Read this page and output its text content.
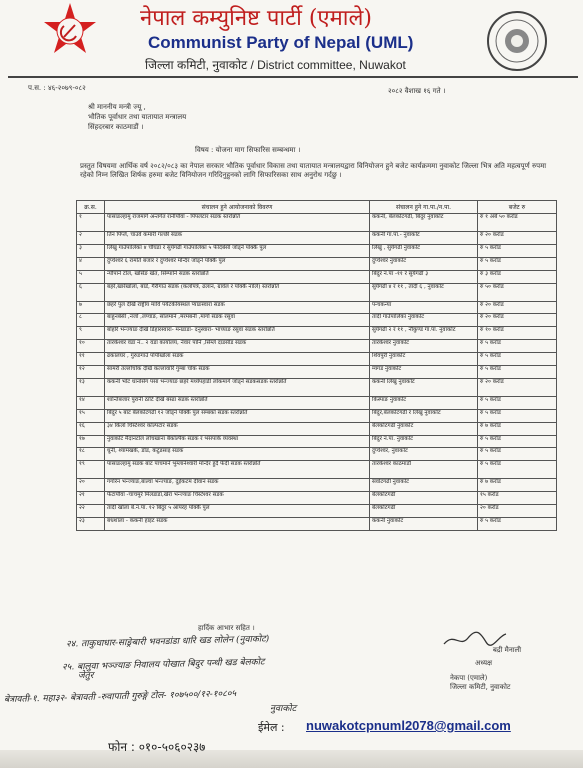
नेपाल कम्युनिष्ट पार्टी (एमाले)
Communist Party of Nepal (UML)
जिल्ला कमिटी, नुवाकोट / District committee, Nuwakot
प.स. : ४६-२०७९-०८२	२०८२ वैशाख १६ गते ।
श्री माननीय मन्त्री ज्यू ,
भौतिक पूर्वाधार तथा यातायात मन्त्रालय
सिंहदरबार काठमाडौं ।
विषय : योजना माग सिफारिस सम्बन्धमा ।
प्रस्तुत विषयमा आर्थिक वर्ष २०८२/०८३ का नेपाल सरकार भौतिक पूर्वाधार विकास तथा यातायात मन्त्रालयद्वारा विनियोजन हुने बजेट कार्यक्रममा नुवाकोट जिल्ला भित्र अति महत्वपूर्ण रुपमा रहेको निम्न लिखित शिर्षक हरुमा बजेट विनियोजन गरिदिनुहुनको लागि सिफारिसका साथ अनुरोध गर्दछु ।
क्र.स.	संचालन हुने आयोजनाको विवरण	संचालन हुने गा.पा./न.पा.	बजेट रु
१	पासाङल्हामु राजमार्ग अन्तर्गत रानीपौवा - पिपलटार सडक स्तरोन्नति	ककनी, बेलकोटगढी, बिदुर नुवाकोट	रु १ अर्ब ५० करोड
२	तिन पिप्ले, चाउवे कमारी गल्छी सडक	ककनी गा.पा.- नुवाकोट	रु २० करोड
३	लिखु गाउँपालिका ४ चौघडा र सुर्यगढी गाउँपालिका ५ फेदिबेसी जोड्ने पक्कि पुल	लिखु , सुर्यगढी नुवाकोट	रु ५ करोड
४	दुप्चेश्वर ६ रामति बजार र दुप्चेश्वर मन्दिर जोड्ने पक्कि पुल	दुप्चेश्वर नुवाकोट	रु ५ करोड
५	न्यौपाने टोल, खोर्सङ खेत, सिम्पानि सडक स्तरोन्नति	बिदुर न.पा -११ र सुर्यगढी ३	रु ३ करोड
६	बहरे,खारेखोला, बाडे, गैरीगाउ सडक (कलोपत्रे, ढलान, ग्रावेल र पक्कि नालि) स्तरोन्नति	सुर्यगढी ४ र ११ , तादी ६ , नुवाकोट	रु ५० करोड
७	छहरे पुल देखि राष्ट्रीय मावि पर्यटकीयस्थल प्याङस्वारा सडक	पन्चकन्या	रु २० करोड
८	बाहुनबेसी ,नर्जा ,लप्चाङ, सोलमाने ,मरमबनी ,मार्गा सडक रसुवा	तादी गाउँपालिका नुवाकोट	रु २० करोड
९	बोहोरे भन्ज्याङ देखि डिहारस्वारा- मनडाडा- दनुस्वारा- भाच्याङ रसुवा सडक स्तरोन्नति	सुर्यगढी २ र ११ , नौकुण्ड गा.पा. नुवाकोट	रु १० करोड
१०	तारकेश्वर वडा न.. २ वडा कार्यालय, नेवार पानि ,सिम्ले दाडसीड सडक	तारकेश्वर नुवाकोट	रु ५ करोड
११	ढकालघर , गुरुङगाउँ पोपीखोला सडक	शिवपुरी नुवाकोट	रु ५ करोड
१२	सामरी तल्लोचोक देखि कल्लावारि गुम्बा चोक सडक	म्यगड नुवाकोट	रु ५ करोड
१३	ककनी भोट धानसिंग पसा भन्ज्याङ छहरे मध्येपहाडी लोकमार्ग जोड्ने सडकसडक स्तरोन्नति	ककनी लिखु नुवाकोट	रु २० करोड
१४	शान्तिबजार पुरानी ठाटि देखि बस्डा सडक स्तरोन्नति	किस्पाङ नुवाकोट	रु ५ करोड
१५	बिदुर ५ बाट बेलकोटगढी १२ जोड्ने पक्कि पुल सम्बको सडक स्तरोन्नति	बिदुर,बेलकोटगढी र लिखु नुवाकोट	रु ५ करोड
१६	३४ किलो चिस्टेश्वर कोल्पटार सडक	बेलकोटगढी नुवाकोट	रु ७ करोड
१७	नुवाकोट मैदानटोल लोचखाना बैकल्पिक सडक र भसपार्क व्यवस्था	बिदुर न.पा. नुवाकोट	रु ५ करोड
१८	धुनी, श्यामखर्क, डोड, कटुडसाइ सडक	दुप्चेश्वर, नुवाकोट	रु ५ करोड
१९	पासाङल्हामु सडक बाट पाचमाने भुम्लानेश्वारी मन्दिर हुदै फेदी सडक स्तरोन्नति	तारकेश्वर काठमाडौं	रु ५ करोड
२०	गंगरिन भन्ज्याङ,बाल्वा भन्ज्याङ, दुईकटम दीवान सडक	सर्वोटगढी नुवाकोट	रु ७ करोड
२१	फेटापौवा -चाचमुरे मिलडाडा,खेरा भन्ज्याङ चिस्टेश्वर सडक	बेलकोटगढी	१५ करोड
२२	तादी खोला बे.न.पा. १२ बिदुर ५ आपरह पक्कि पुल	बेलकोटगढी	२० करोड
२३	बधशाला - ककनी हाइट सडक	ककनी नुवाकोट	रु ५ करोड
हार्दिक आभार सहित ।
बद्री मैनाली
२४. ताकुधाधार-साङ्रेबारी भवनडांडा धारि खड लाेलेन (नुवाकोट)
२५. बालुवा भञ्ज्याङ निवालय पोखात बिदुर पन्थी खड बेलकोट
जेतुर
बेत्रावती-१. महा३२- बेत्रावती -रुवापाती गुरुङ्गे टोल- १०७५००/१२-१०८०५
नुवाकोट
अध्यक्ष
नेकपा (एमाले)
जिल्ला कमिटी, नुवाकोट
ईमेल : nuwakotcpnuml2078@gmail.com
फोन : ०१०-५०६०२३७
